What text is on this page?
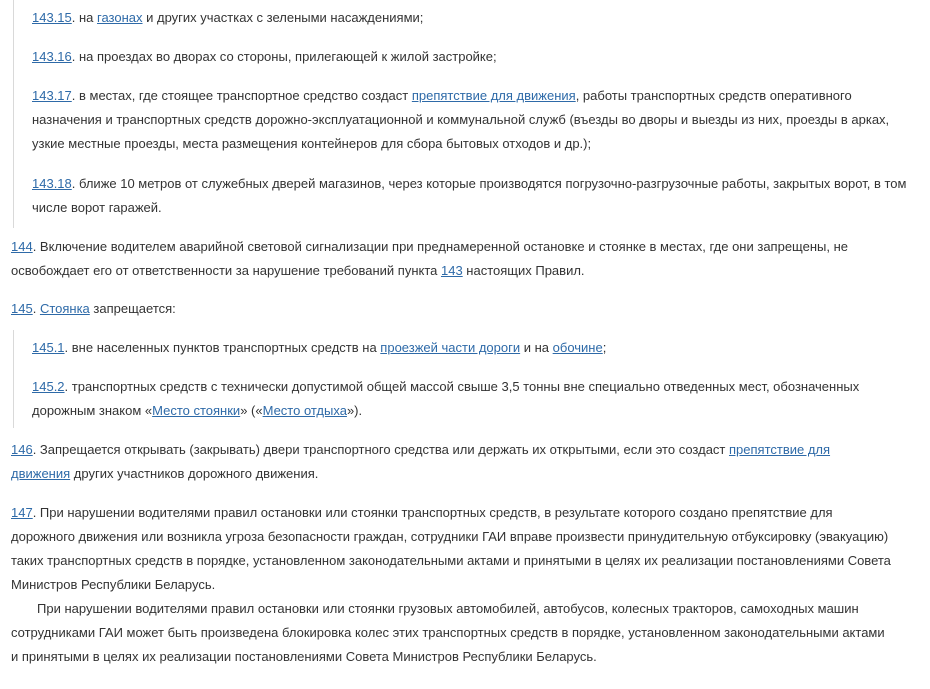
143.15. на газонах и других участках с зелеными насаждениями;

143.16. на проездах во дворах со стороны, прилегающей к жилой застройке;

143.17. в местах, где стоящее транспортное средство создаст препятствие для движения, работы транспортных средств оперативного назначения и транспортных средств дорожно-эксплуатационной и коммунальной служб (въезды во дворы и выезды из них, проезды в арках, узкие местные проезды, места размещения контейнеров для сбора бытовых отходов и др.);

143.18. ближе 10 метров от служебных дверей магазинов, через которые производятся погрузочно-разгрузочные работы, закрытых ворот, в том числе ворот гаражей.

144. Включение водителем аварийной световой сигнализации при преднамеренной остановке и стоянке в местах, где они запрещены, не освобождает его от ответственности за нарушение требований пункта 143 настоящих Правил.

145. Стоянка запрещается:

145.1. вне населенных пунктов транспортных средств на проезжей части дороги и на обочине;

145.2. транспортных средств с технически допустимой общей массой свыше 3,5 тонны вне специально отведенных мест, обозначенных дорожным знаком «Место стоянки» («Место отдыха»).

146. Запрещается открывать (закрывать) двери транспортного средства или держать их открытыми, если это создаст препятствие для движения других участников дорожного движения.

147. При нарушении водителями правил остановки или стоянки транспортных средств, в результате которого создано препятствие для дорожного движения или возникла угроза безопасности граждан, сотрудники ГАИ вправе произвести принудительную отбуксировку (эвакуацию) таких транспортных средств в порядке, установленном законодательными актами и принятыми в целях их реализации постановлениями Совета Министров Республики Беларусь.

При нарушении водителями правил остановки или стоянки грузовых автомобилей, автобусов, колесных тракторов, самоходных машин сотрудниками ГАИ может быть произведена блокировка колес этих транспортных средств в порядке, установленном законодательными актами и принятыми в целях их реализации постановлениями Совета Министров Республики Беларусь.
